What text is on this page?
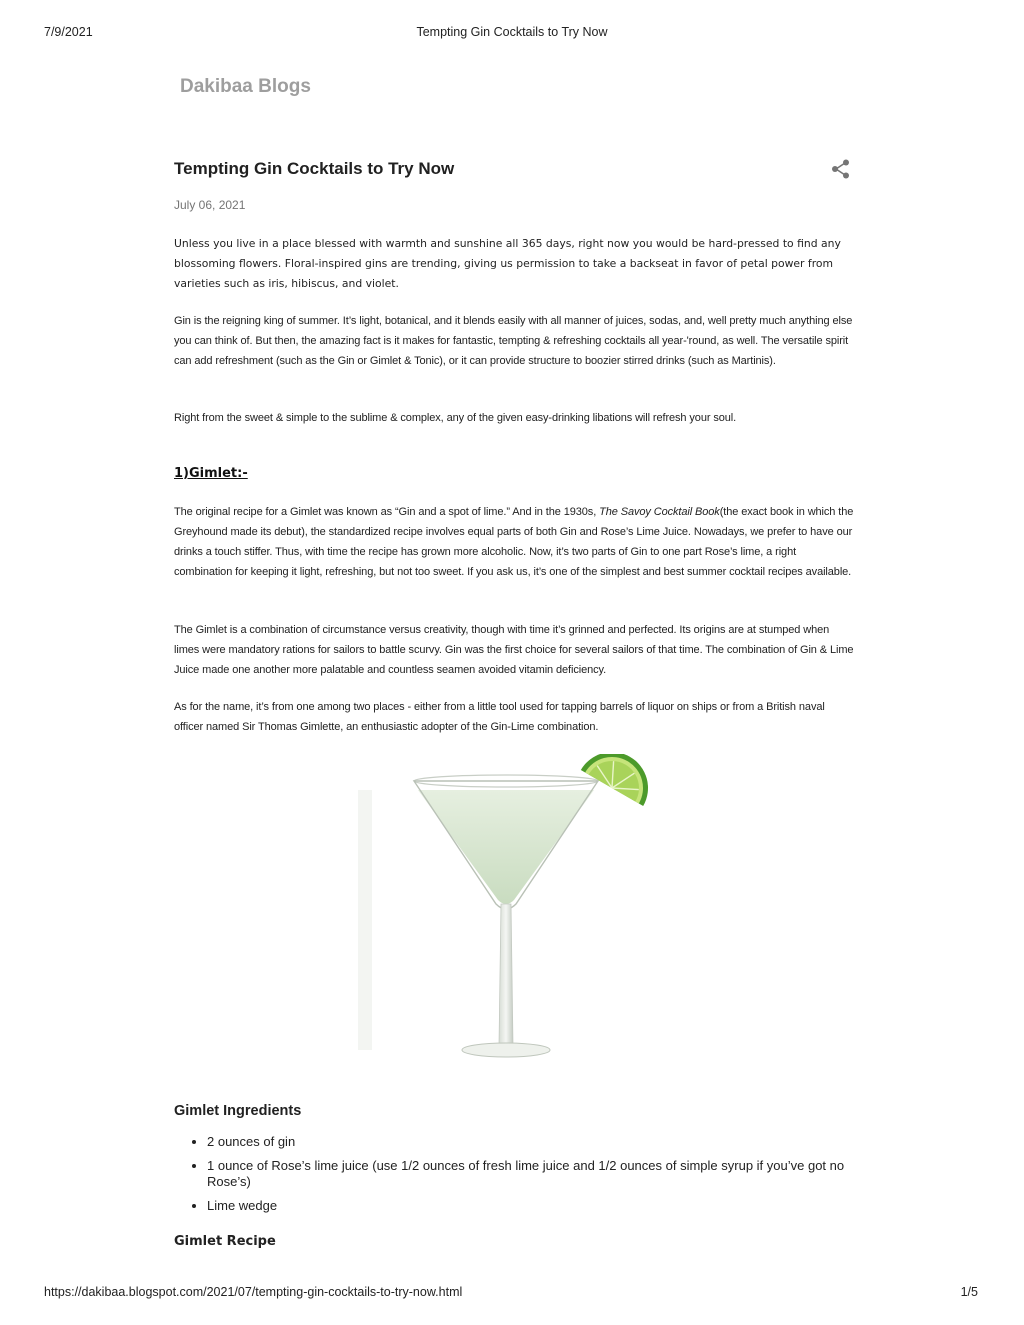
7/9/2021	Tempting Gin Cocktails to Try Now
Dakibaa Blogs
Tempting Gin Cocktails to Try Now
July 06, 2021

Unless you live in a place blessed with warmth and sunshine all 365 days, right now you would be hard-pressed to find any blossoming flowers. Floral-inspired gins are trending, giving us permission to take a backseat in favor of petal power from varieties such as iris, hibiscus, and violet.

Gin is the reigning king of summer. It’s light, botanical, and it blends easily with all manner of juices, sodas, and, well pretty much anything else you can think of. But then, the amazing fact is it makes for fantastic, tempting & refreshing cocktails all year-'round, as well. The versatile spirit can add refreshment (such as the Gin or Gimlet & Tonic), or it can provide structure to boozier stirred drinks (such as Martinis).

Right from the sweet & simple to the sublime & complex, any of the given easy-drinking libations will refresh your soul.

1)Gimlet:-

The original recipe for a Gimlet was known as “Gin and a spot of lime.” And in the 1930s, The Savoy Cocktail Book(the exact book in which the Greyhound made its debut), the standardized recipe involves equal parts of both Gin and Rose’s Lime Juice. Nowadays, we prefer to have our drinks a touch stiffer. Thus, with time the recipe has grown more alcoholic. Now, it’s two parts of Gin to one part Rose’s lime, a right combination for keeping it light, refreshing, but not too sweet. If you ask us, it’s one of the simplest and best summer cocktail recipes available.

The Gimlet is a combination of circumstance versus creativity, though with time it’s grinned and perfected. Its origins are at stumped when limes were mandatory rations for sailors to battle scurvy. Gin was the first choice for several sailors of that time. The combination of Gin & Lime Juice made one another more palatable and countless seamen avoided vitamin deficiency.

As for the name, it’s from one among two places - either from a little tool used for tapping barrels of liquor on ships or from a British naval officer named Sir Thomas Gimlette, an enthusiastic adopter of the Gin-Lime combination.

Gimlet Ingredients
• 2 ounces of gin
• 1 ounce of Rose’s lime juice (use 1/2 ounces of fresh lime juice and 1/2 ounces of simple syrup if you’ve got no Rose’s)
• Lime wedge
Gimlet Recipe
https://dakibaa.blogspot.com/2021/07/tempting-gin-cocktails-to-try-now.html	1/5
